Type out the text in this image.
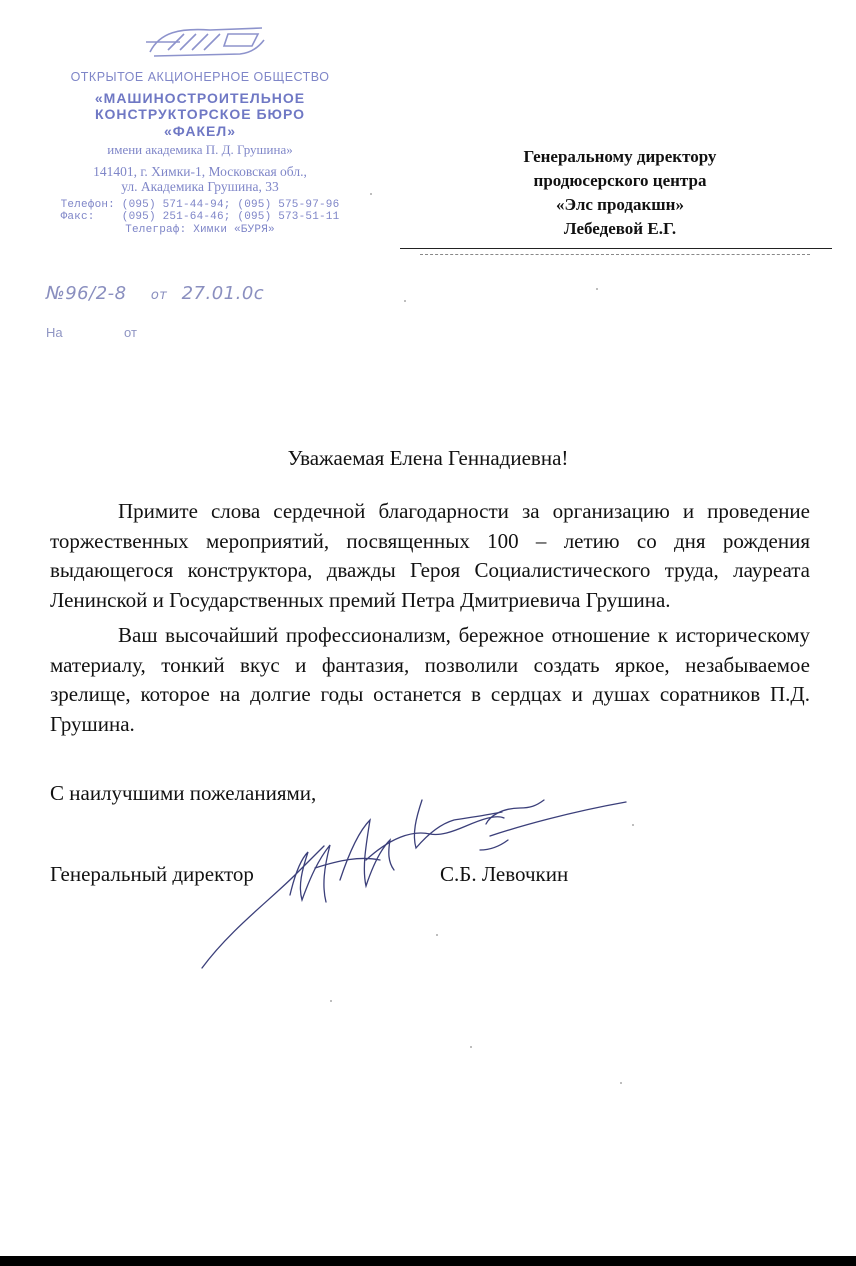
ОТКРЫТОЕ АКЦИОНЕРНОЕ ОБЩЕСТВО
«МАШИНОСТРОИТЕЛЬНОЕ
КОНСТРУКТОРСКОЕ БЮРО
«ФАКЕЛ»
имени академика П. Д. Грушина»
141401, г. Химки-1, Московская обл.,
ул. Академика Грушина, 33
Телефон: (095) 571-44-94; (095) 575-97-96
Факс:    (095) 251-64-46; (095) 573-51-11
Телеграф: Химки «БУРЯ»
№96/2-8 от 27.01.0с
На	от
Генеральному директору
продюсерского центра
«Элс продакшн»
Лебедевой Е.Г.
Уважаемая Елена Геннадиевна!

Примите слова сердечной благодарности за организацию и проведение торжественных мероприятий, посвященных 100 – летию со дня рождения выдающегося конструктора, дважды Героя Социалистического труда, лауреата Ленинской и Государственных премий Петра Дмитриевича Грушина.

Ваш высочайший профессионализм, бережное отношение к историческому материалу, тонкий вкус и фантазия, позволили создать яркое, незабываемое зрелище, которое на долгие годы останется в сердцах и душах соратников П.Д. Грушина.

С наилучшими пожеланиями,
Генеральный директор	С.Б. Левочкин
